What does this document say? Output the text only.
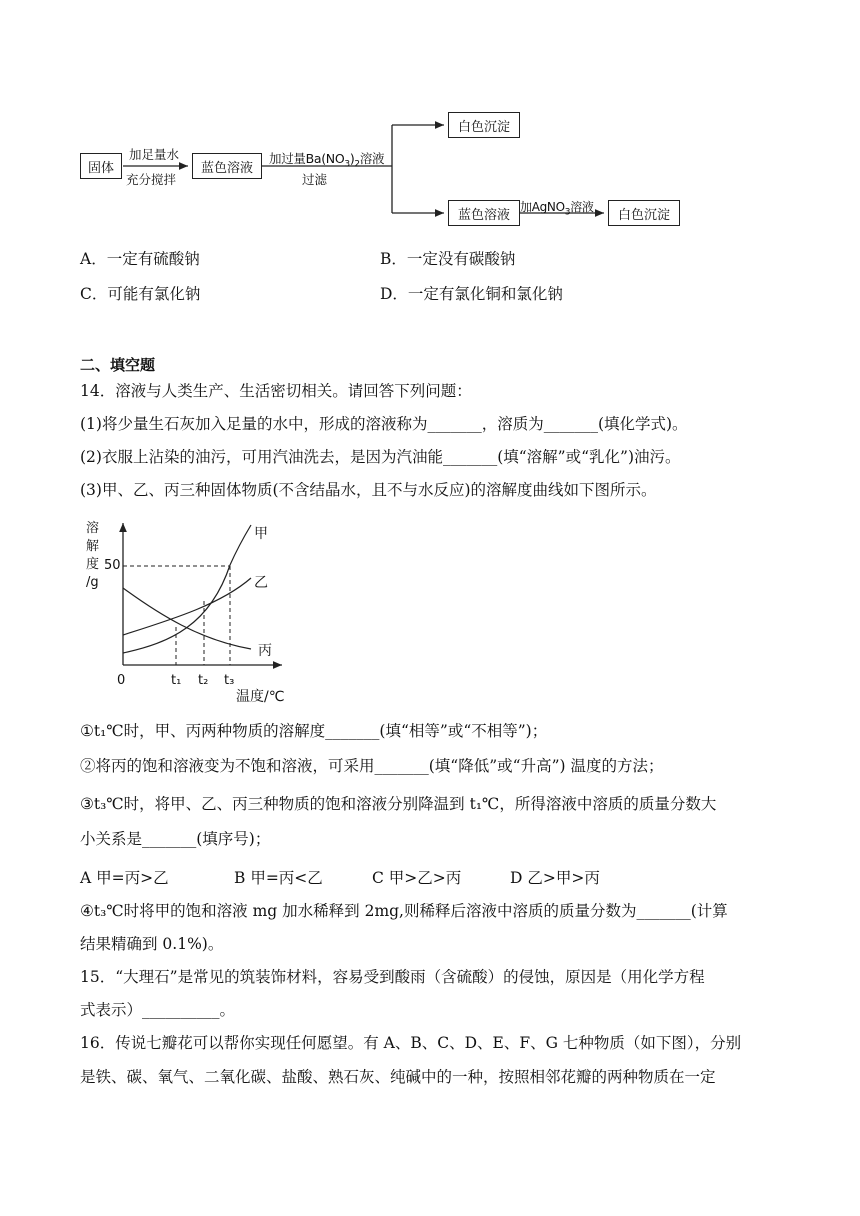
固体
加足量水
充分搅拌
蓝色溶液
加过量$Ba(NO_3)_2$溶液
过滤
白色沉淀
蓝色溶液
加AgNO$_3$溶液
白色沉淀
A．一定有硫酸钠	B．一定没有碳酸钠
C．可能有氯化钠	D．一定有氯化铜和氯化钠
二、填空题
14．溶液与人类生产、生活密切相关。请回答下列问题：
(1)将少量生石灰加入足量的水中，形成的溶液称为_______，溶质为_______(填化学式)。
(2)衣服上沾染的油污，可用汽油洗去，是因为汽油能_______(填“溶解”或“乳化”)油污。
(3)甲、乙、丙三种固体物质(不含结晶水，且不与水反应)的溶解度曲线如下图所示。
溶
解
度
/g
50
0	t₁ t₂ t₃
温度/℃
甲
乙
丙
①t₁℃时，甲、丙两种物质的溶解度_______(填“相等”或“不相等”)；
②将丙的饱和溶液变为不饱和溶液，可采用_______(填“降低”或“升高”) 温度的方法；
③t₃℃时，将甲、乙、丙三种物质的饱和溶液分别降温到 t₁℃，所得溶液中溶质的质量分数大
小关系是_______(填序号)；
A 甲=丙>乙	B 甲=丙<乙	C 甲>乙>丙	D 乙>甲>丙
④t₃℃时将甲的饱和溶液 mg 加水稀释到 2mg,则稀释后溶液中溶质的质量分数为_______(计算
结果精确到 0.1%)。
15．“大理石”是常见的筑装饰材料，容易受到酸雨（含硫酸）的侵蚀，原因是（用化学方程
式表示）__________。
16．传说七瓣花可以帮你实现任何愿望。有 A、B、C、D、E、F、G 七种物质（如下图），分别
是铁、碳、氧气、二氧化碳、盐酸、熟石灰、纯碱中的一种，按照相邻花瓣的两种物质在一定
